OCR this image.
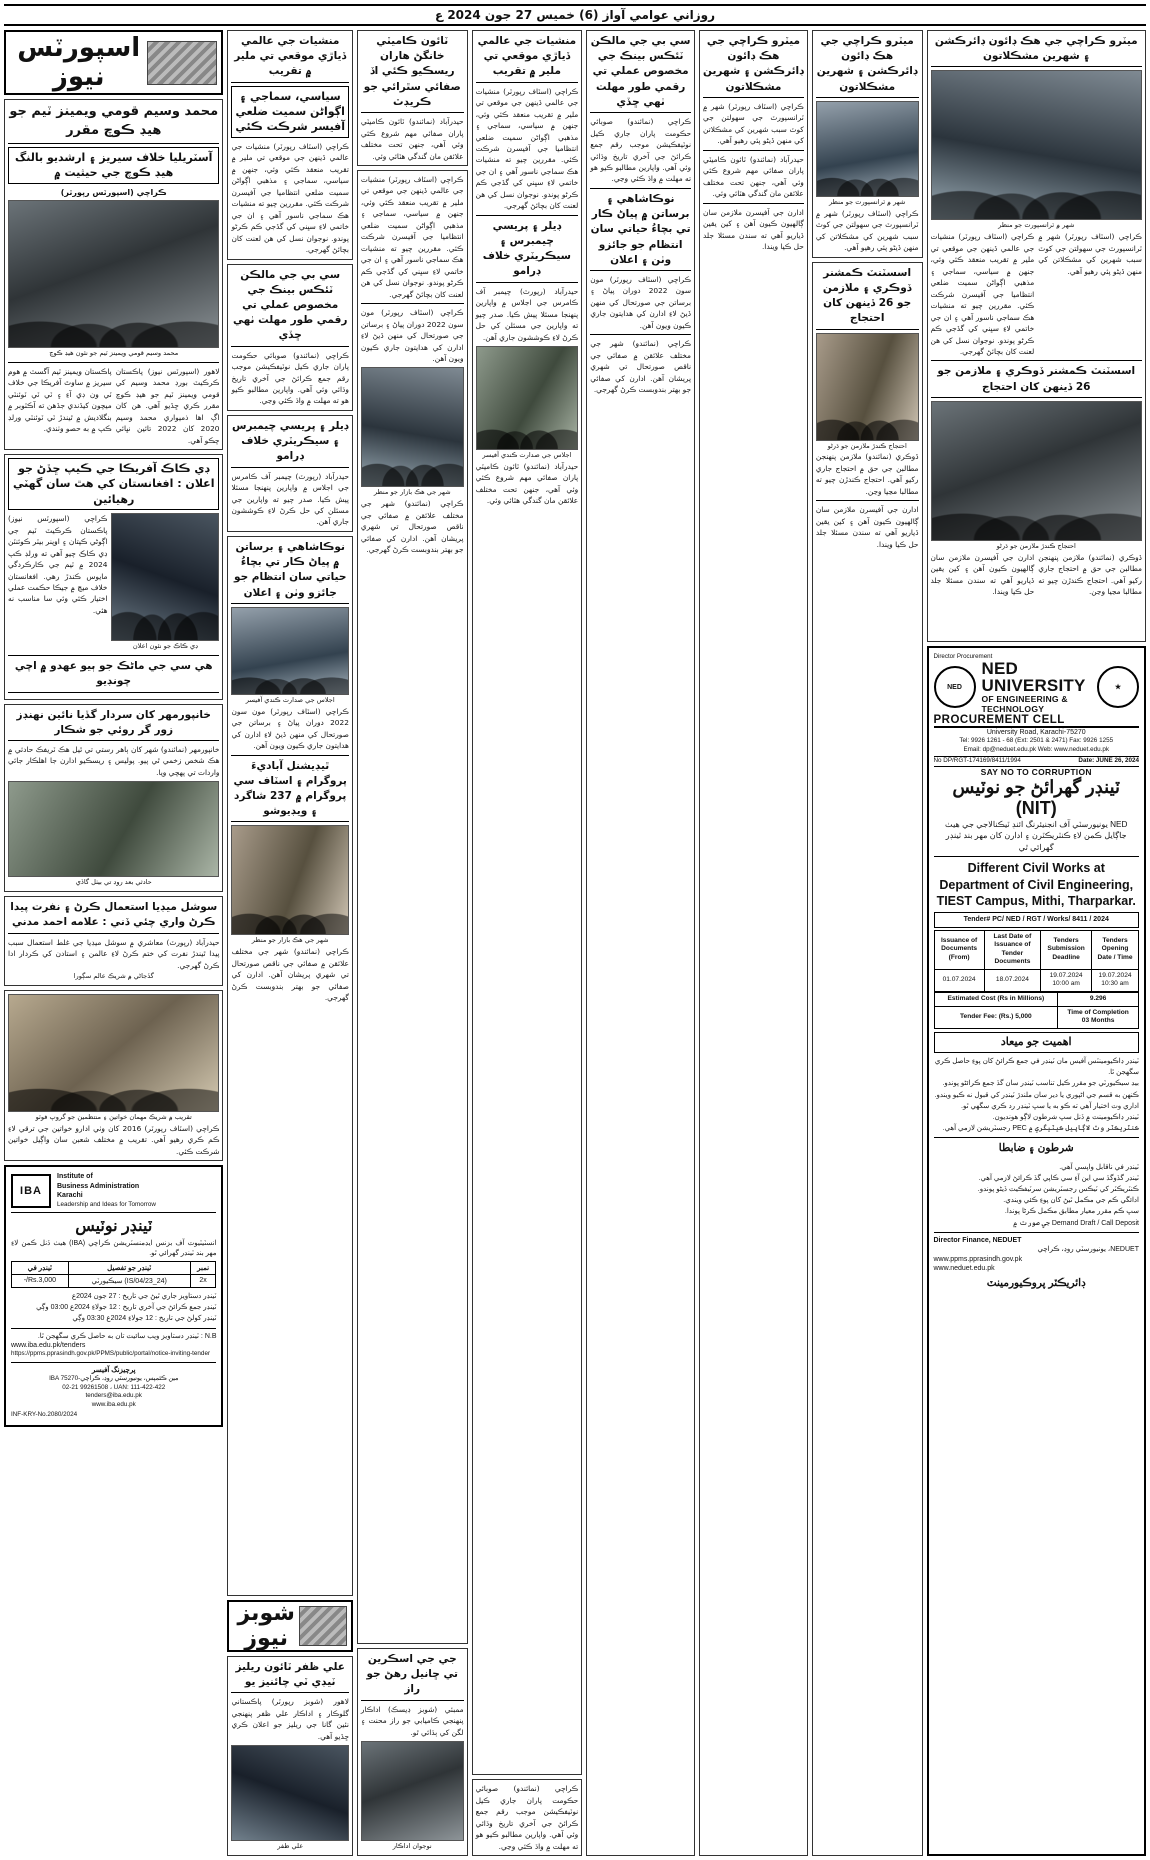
روزاني عوامي آواز (6) خميس 27 جون 2024 ع
اسپورٽس نيوز
محمد وسيم قومي ويمينز ٽيم جو هيڊ ڪوچ مقرر
آسٽريليا خلاف سيريز ۽ ارشديو بالنگ هيڊ ڪوچ جي حيثيت ۾
ڪراچي (اسپورٽس رپورٽر)
محمد وسيم قومي ويمينز ٽيم جو نئون هيڊ ڪوچ
لاهور (اسپورٽس نيوز) پاڪستان ڪرڪيٽ بورڊ محمد وسيم کي قومي ويمينز ٽيم جو هيڊ ڪوچ مقرر ڪري ڇڏيو آهي. هن کان اڳ اها ذميواري محمد وسيم 2020 کان 2022 تائين نڀائي چڪو آهي.
پاڪستان ويمينز ٽيم آگسٽ ۾ هوم سيريز ۾ ساوٿ آفريڪا جي خلاف ٽي ون ڊي آءِ ۽ ٽي ٽي ٽوئنٽي ميچون کيڏندي جڏهن ته آڪٽوبر ۾ بنگلاديش ۾ ٿيندڙ ٽي ٽوئنٽي ورلڊ ڪپ ۾ به حصو وٺندي.
ڊي ڪاڪ آفريڪا جي ڪيپ ڇڏڻ جو اعلان : افغانستان کي هٿ سان گهٽي رهيائين
ڊي ڪاڪ جو نئون اعلان
ڪراچي (اسپورٽس نيوز) پاڪستان ڪرڪيٽ ٽيم جي اڳوڻي ڪپتان ۽ اوپنر بيٽر ڪوئنٽن ڊي ڪاڪ چيو آهي ته ورلڊ ڪپ 2024 ۾ ٽيم جي ڪارڪردگي مايوس ڪندڙ رهي. افغانستان خلاف ميچ ۾ جيڪا حڪمت عملي اختيار ڪئي وئي سا مناسب نه هئي.
هي سي جي ماڻڪ جو ٻيو عهدو ۾ اچي چونڊيو
خانپورمهر کان سردار گڏيا نائين نهنڊز زور گر روئي جو شڪار
خانپورمهر (نمائندو) شهر کان ٻاهر رستي تي ٿيل هڪ ٽريفڪ حادثي ۾ هڪ شخص زخمي ٿي پيو. پوليس ۽ ريسڪيو ادارن جا اهلڪار جائي واردات تي پهچي ويا.
حادثي بعد روڊ تي بيٺل گاڏي
سوشل ميڊيا استعمال ڪرڻ ۽ نفرت پيدا ڪرڻ واري چئي ڏني : علامه احمد مدني
حيدرآباد (رپورٽ) معاشري ۾ سوشل ميڊيا جي غلط استعمال سبب پيدا ٿيندڙ نفرت کي ختم ڪرڻ لاءِ عالمن ۽ استادن کي ڪردار ادا ڪرڻ گهرجي.
گڏجاڻي ۾ شريڪ عالم سڳورا
تقريب ۾ شريڪ مهمان خواتين ۽ منتظمين جو گروپ فوٽو
ڪراچي (اسٽاف رپورٽر) 2016 کان وٺي ادارو خواتين جي ترقي لاءِ ڪم ڪري رهيو آهي. تقريب ۾ مختلف شعبن سان واڳيل خواتين شرڪت ڪئي.
IBA
Institute of
Business Administration
Karachi
Leadership and Ideas for Tomorrow
ٽينڊر نوٽيس
انسٽيٽيوٽ آف بزنس ايڊمنسٽريشن ڪراچي (IBA) هيٺ ڏنل ڪمن لاءِ مهر بند ٽينڊر گهرائي ٿو.
نمبر	ٽينڊر جو تفصيل	ٽينڊر في
2x	(IS/04/23_24) سيڪيورٽي	Rs.3,000/-
ٽينڊر دستاويز جاري ٿيڻ جي تاريخ : 27 جون 2024ع
ٽينڊر جمع ڪرائڻ جي آخري تاريخ : 12 جولاءِ 2024ع 03:00 وڳي
ٽينڊر کولڻ جي تاريخ : 12 جولاءِ 2024ع 03:30 وڳي
N.B : ٽينڊر دستاويز ويب سائيٽ تان به حاصل ڪري سگهجن ٿا.
www.iba.edu.pk/tenders
https://ppms.pprasindh.gov.pk/PPMS/public/portal/notice-inviting-tender
پرچيزنگ آفيسر
IBA مين ڪئمپس، يونيورسٽي روڊ، ڪراچي-75270
02-21 99261508 ، UAN: 111-422-422
tenders@iba.edu.pk
www.iba.edu.pk
INF-KRY-No.2080/2024
منشيات جي عالمي ڏياڙي موقعي تي ملير ۾ تقريب
سياسي، سماجي ۽ اڳواڻن سميت ضلعي آفيسر شرڪت ڪئي
ڪراچي (اسٽاف رپورٽر) منشيات جي عالمي ڏينهن جي موقعي تي ملير ۾ تقريب منعقد ڪئي وئي، جنهن ۾ سياسي، سماجي ۽ مذهبي اڳواڻن سميت ضلعي انتظاميا جي آفيسرن شرڪت ڪئي. مقررين چيو ته منشيات هڪ سماجي ناسور آهي ۽ ان جي خاتمي لاءِ سڀني کي گڏجي ڪم ڪرڻو پوندو. نوجوان نسل کي هن لعنت کان بچائڻ گهرجي.
سي بي جي مالڪن ٽئڪس بينڪ جي مخصوص عملي تي رقمي طور مهلت ٺهي ڇڏي
ڪراچي (نمائندو) صوبائي حڪومت پاران جاري ڪيل نوٽيفڪيشن موجب رقم جمع ڪرائڻ جي آخري تاريخ وڌائي وئي آهي. واپارين مطالبو ڪيو هو ته مهلت ۾ واڌ ڪئي وڃي.
ڊيلر ۽ پريسي چيمبرس ۽ سيڪريٽري خلاف ڊرامو
حيدرآباد (رپورٽ) چيمبر آف ڪامرس جي اجلاس ۾ واپارين پنهنجا مسئلا پيش ڪيا. صدر چيو ته واپارين جي مسئلن کي حل ڪرڻ لاءِ ڪوششون جاري آهن.
نوڪاشاهي ۽ برساتن ۾ پياڻ ڪار تي بچاءُ حياتي سان انتظام جو جائزو وٺن ۽ اعلان
اجلاس جي صدارت ڪندي آفيسر
ڪراچي (اسٽاف رپورٽر) مون سون 2022 دوران پياڻ ۽ برساتن جي صورتحال کي منهن ڏيڻ لاءِ ادارن کي هدايتون جاري ڪيون ويون آهن.
ٿيڊيشنل آباديءَ پروگرام ۽ اسٽاف سي پروگرام ۾ 237 شاگرد ۽ ويڊيوشو
شهر جي هڪ بازار جو منظر
ڪراچي (نمائندو) شهر جي مختلف علائقن ۾ صفائي جي ناقص صورتحال تي شهري پريشان آهن. ادارن کي صفائي جو بهتر بندوبست ڪرڻ گهرجي.
شوبز نيوز
علي ظفر ٽائون ريليز ٽيڊي ٽي چائنيز يو
لاهور (شوبز رپورٽر) پاڪستاني گلوڪار ۽ اداڪار علي ظفر پنهنجي نئين گانا جي ريليز جو اعلان ڪري ڇڏيو آهي.
علي ظفر
ٽائون ڪاميٽي خانگڻ هاران ريسڪيو ڪئي اڏ صفائي سٿرائي جو ڪريڊٽ
حيدرآباد (نمائندو) ٽائون ڪاميٽي پاران صفائي مهم شروع ڪئي وئي آهي، جنهن تحت مختلف علائقن مان گندگي هٽائي وئي.
ڪراچي (اسٽاف رپورٽر) منشيات جي عالمي ڏينهن جي موقعي تي ملير ۾ تقريب منعقد ڪئي وئي، جنهن ۾ سياسي، سماجي ۽ مذهبي اڳواڻن سميت ضلعي انتظاميا جي آفيسرن شرڪت ڪئي. مقررين چيو ته منشيات هڪ سماجي ناسور آهي ۽ ان جي خاتمي لاءِ سڀني کي گڏجي ڪم ڪرڻو پوندو. نوجوان نسل کي هن لعنت کان بچائڻ گهرجي.
ڪراچي (اسٽاف رپورٽر) مون سون 2022 دوران پياڻ ۽ برساتن جي صورتحال کي منهن ڏيڻ لاءِ ادارن کي هدايتون جاري ڪيون ويون آهن.
شهر جي هڪ بازار جو منظر
ڪراچي (نمائندو) شهر جي مختلف علائقن ۾ صفائي جي ناقص صورتحال تي شهري پريشان آهن. ادارن کي صفائي جو بهتر بندوبست ڪرڻ گهرجي.
جي جي اسڪرين تي ڇانيل رهڻ جو راز
ممبئي (شوبز ڊيسڪ) اداڪار پنهنجي ڪاميابي جو راز محنت ۽ لگن کي ٻڌائي ٿو.
نوجوان اداڪار
منشيات جي عالمي ڏياڙي موقعي تي ملير ۾ تقريب
ڪراچي (اسٽاف رپورٽر) منشيات جي عالمي ڏينهن جي موقعي تي ملير ۾ تقريب منعقد ڪئي وئي، جنهن ۾ سياسي، سماجي ۽ مذهبي اڳواڻن سميت ضلعي انتظاميا جي آفيسرن شرڪت ڪئي. مقررين چيو ته منشيات هڪ سماجي ناسور آهي ۽ ان جي خاتمي لاءِ سڀني کي گڏجي ڪم ڪرڻو پوندو. نوجوان نسل کي هن لعنت کان بچائڻ گهرجي.
ڊيلر ۽ پريسي چيمبرس ۽ سيڪريٽري خلاف ڊرامو
حيدرآباد (رپورٽ) چيمبر آف ڪامرس جي اجلاس ۾ واپارين پنهنجا مسئلا پيش ڪيا. صدر چيو ته واپارين جي مسئلن کي حل ڪرڻ لاءِ ڪوششون جاري آهن.
اجلاس جي صدارت ڪندي آفيسر
حيدرآباد (نمائندو) ٽائون ڪاميٽي پاران صفائي مهم شروع ڪئي وئي آهي، جنهن تحت مختلف علائقن مان گندگي هٽائي وئي.
ڪراچي (نمائندو) صوبائي حڪومت پاران جاري ڪيل نوٽيفڪيشن موجب رقم جمع ڪرائڻ جي آخري تاريخ وڌائي وئي آهي. واپارين مطالبو ڪيو هو ته مهلت ۾ واڌ ڪئي وڃي.
سي بي جي مالڪن ٽئڪس بينڪ جي مخصوص عملي تي رقمي طور مهلت ٺهي ڇڏي
ڪراچي (نمائندو) صوبائي حڪومت پاران جاري ڪيل نوٽيفڪيشن موجب رقم جمع ڪرائڻ جي آخري تاريخ وڌائي وئي آهي. واپارين مطالبو ڪيو هو ته مهلت ۾ واڌ ڪئي وڃي.
نوڪاشاهي ۽ برساتن ۾ پياڻ ڪار تي بچاءُ حياتي سان انتظام جو جائزو وٺن ۽ اعلان
ڪراچي (اسٽاف رپورٽر) مون سون 2022 دوران پياڻ ۽ برساتن جي صورتحال کي منهن ڏيڻ لاءِ ادارن کي هدايتون جاري ڪيون ويون آهن.
ڪراچي (نمائندو) شهر جي مختلف علائقن ۾ صفائي جي ناقص صورتحال تي شهري پريشان آهن. ادارن کي صفائي جو بهتر بندوبست ڪرڻ گهرجي.
ميٽرو ڪراچي جي هڪ ڊائون ڊائرڪشن ۽ شهرين مشڪلاتون
ڪراچي (اسٽاف رپورٽر) شهر ۾ ٽرانسپورٽ جي سهولتن جي کوٽ سبب شهرين کي مشڪلاتن کي منهن ڏيڻو پئي رهيو آهي.
حيدرآباد (نمائندو) ٽائون ڪاميٽي پاران صفائي مهم شروع ڪئي وئي آهي، جنهن تحت مختلف علائقن مان گندگي هٽائي وئي.
ادارن جي آفيسرن ملازمن سان ڳالهيون ڪيون آهن ۽ کين يقين ڏياريو آهي ته سندن مسئلا جلد حل ڪيا ويندا.
ميٽرو ڪراچي جي هڪ ڊائون ڊائرڪشن ۽ شهرين مشڪلاتون
شهر ۾ ٽرانسپورٽ جو منظر
ڪراچي (اسٽاف رپورٽر) شهر ۾ ٽرانسپورٽ جي سهولتن جي کوٽ سبب شهرين کي مشڪلاتن کي منهن ڏيڻو پئي رهيو آهي.
اسسٽنٽ ڪمشنر ڏوڪري ۽ ملازمن جو 26 ڏينهن کان احتجاج
احتجاج ڪندڙ ملازمن جو ڌرڻو
ڏوڪري (نمائندو) ملازمن پنهنجن مطالبن جي حق ۾ احتجاج جاري رکيو آهي. احتجاج ڪندڙن چيو ته مطالبا مڃيا وڃن.
ادارن جي آفيسرن ملازمن سان ڳالهيون ڪيون آهن ۽ کين يقين ڏياريو آهي ته سندن مسئلا جلد حل ڪيا ويندا.
ميٽرو ڪراچي جي هڪ ڊائون ڊائرڪشن ۽ شهرين مشڪلاتون
شهر ۾ ٽرانسپورٽ جو منظر
ڪراچي (اسٽاف رپورٽر) شهر ۾ ٽرانسپورٽ جي سهولتن جي کوٽ سبب شهرين کي مشڪلاتن کي منهن ڏيڻو پئي رهيو آهي.
ڪراچي (اسٽاف رپورٽر) منشيات جي عالمي ڏينهن جي موقعي تي ملير ۾ تقريب منعقد ڪئي وئي، جنهن ۾ سياسي، سماجي ۽ مذهبي اڳواڻن سميت ضلعي انتظاميا جي آفيسرن شرڪت ڪئي. مقررين چيو ته منشيات هڪ سماجي ناسور آهي ۽ ان جي خاتمي لاءِ سڀني کي گڏجي ڪم ڪرڻو پوندو. نوجوان نسل کي هن لعنت کان بچائڻ گهرجي.
اسسٽنٽ ڪمشنر ڏوڪري ۽ ملازمن جو 26 ڏينهن کان احتجاج
احتجاج ڪندڙ ملازمن جو ڌرڻو
ڏوڪري (نمائندو) ملازمن پنهنجن مطالبن جي حق ۾ احتجاج جاري رکيو آهي. احتجاج ڪندڙن چيو ته مطالبا مڃيا وڃن.
ادارن جي آفيسرن ملازمن سان ڳالهيون ڪيون آهن ۽ کين يقين ڏياريو آهي ته سندن مسئلا جلد حل ڪيا ويندا.
Director Procurement
NED
NED UNIVERSITY
OF ENGINEERING & TECHNOLOGY
★
PROCUREMENT CELL
University Road, Karachi-75270
Tel: 9926 1261 - 68 (Ext: 2501 & 2471) Fax: 9926 1255
Email: dp@neduet.edu.pk Web: www.neduet.edu.pk
No DP/RGT-174169/8411/1994	Date: JUNE 26, 2024
SAY NO TO CORRUPTION
ٽينڊر گهرائڻ جو نوٽيس (NIT)
NED يونيورسٽي آف انجنيئرنگ ائنڊ ٽيڪنالاجي جي هيٺ جاڳايل ڪمن لاءِ ڪنٽريڪٽرن ۽ ادارن کان مهر بند ٽينڊر گهرائي ٿي
Different Civil Works at Department of Civil Engineering, TIEST Campus, Mithi, Tharparkar.
Tender# PC/ NED / RGT / Works/ 8411 / 2024
Issuance of Documents (From)	Last Date of Issuance of Tender Documents	Tenders Submission Deadline	Tenders Opening Date / Time
01.07.2024	18.07.2024	19.07.2024 10:00 am	19.07.2024 10:30 am
Estimated Cost (Rs in Millions)	9.296
Tender Fee: (Rs.) 5,000	Time of Completion
03 Months
اهميت جو ميعاد
ٽينڊر ڊاڪيومينٽس آفيس مان ٽينڊر في جمع ڪرائڻ کان پوءِ حاصل ڪري سگهجن ٿا.
بيڊ سيڪيورٽي جو مقرر ڪيل تناسب ٽينڊر سان گڏ جمع ڪرائڻو پوندو.
ڪنهن به قسم جي اڻپوري يا دير سان ملندڙ ٽينڊر کي قبول نه ڪيو ويندو.
اداري وٽ اختيار آهي ته ڪو به يا سڀ ٽينڊر رد ڪري سگهي ٿو.
ٽينڊر ڊاڪيومينٽ ۾ ڏنل سڀ شرطون لاڳو هونديون.
ڪنٽريڪٽر وٽ لاڳاپيل ڪيٽيگري ۾ PEC رجسٽريشن لازمي آهي.
شرطون ۽ ضابطا
ٽينڊر في ناقابل واپسي آهي.
ٽينڊر گڏوگڏ سي اين آءِ سي ڪاپي گڏ ڪرائڻ لازمي آهي.
ڪنٽريڪٽر کي ٽيڪس رجسٽريشن سرٽيفڪيٽ ڏيڻو پوندو.
ادائگي ڪم جي مڪمل ٿيڻ کان پوءِ ڪئي ويندي.
سڀ ڪم مقرر معيار مطابق مڪمل ڪرڻا پوندا.
Demand Draft / Call Deposit جي صورت ۾
Director Finance, NEDUET
NEDUET، يونيورسٽي روڊ، ڪراچي
www.ppms.pprasindh.gov.pk
www.neduet.edu.pk
ڊائريڪٽر پروڪيورمينٽ
